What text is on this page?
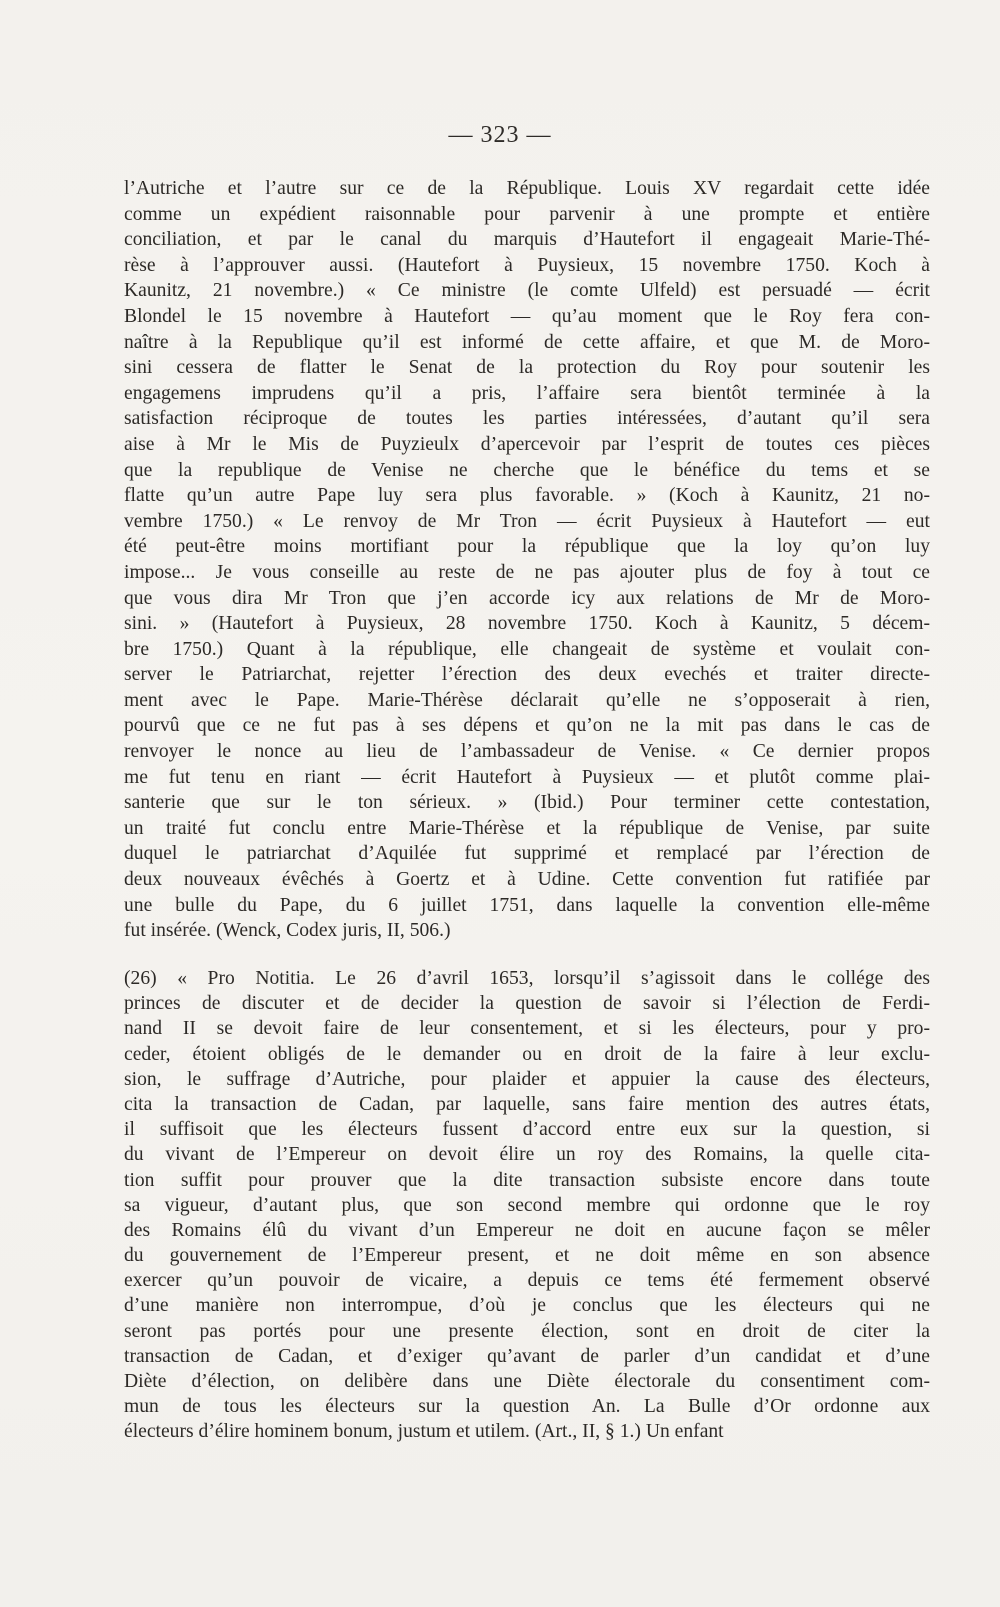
— 323 —
l’Autriche et l’autre sur ce de la République. Louis XV regardait cette idée
comme un expédient raisonnable pour parvenir à une prompte et entière
conciliation, et par le canal du marquis d’Hautefort il engageait Marie-Thé-
rèse à l’approuver aussi. (Hautefort à Puysieux, 15 novembre 1750. Koch à
Kaunitz, 21 novembre.) « Ce ministre (le comte Ulfeld) est persuadé — écrit
Blondel le 15 novembre à Hautefort — qu’au moment que le Roy fera con-
naître à la Republique qu’il est informé de cette affaire, et que M. de Moro-
sini cessera de flatter le Senat de la protection du Roy pour soutenir les
engagemens imprudens qu’il a pris, l’affaire sera bientôt terminée à la
satisfaction réciproque de toutes les parties intéressées, d’autant qu’il sera
aise à Mr le Mis de Puyzieulx d’apercevoir par l’esprit de toutes ces pièces
que la republique de Venise ne cherche que le bénéfice du tems et se
flatte qu’un autre Pape luy sera plus favorable. » (Koch à Kaunitz, 21 no-
vembre 1750.) « Le renvoy de Mr Tron — écrit Puysieux à Hautefort — eut
été peut-être moins mortifiant pour la république que la loy qu’on luy
impose... Je vous conseille au reste de ne pas ajouter plus de foy à tout ce
que vous dira Mr Tron que j’en accorde icy aux relations de Mr de Moro-
sini. » (Hautefort à Puysieux, 28 novembre 1750. Koch à Kaunitz, 5 décem-
bre 1750.) Quant à la république, elle changeait de système et voulait con-
server le Patriarchat, rejetter l’érection des deux evechés et traiter directe-
ment avec le Pape. Marie-Thérèse déclarait qu’elle ne s’opposerait à rien,
pourvû que ce ne fut pas à ses dépens et qu’on ne la mit pas dans le cas de
renvoyer le nonce au lieu de l’ambassadeur de Venise. « Ce dernier propos
me fut tenu en riant — écrit Hautefort à Puysieux — et plutôt comme plai-
santerie que sur le ton sérieux. » (Ibid.) Pour terminer cette contestation,
un traité fut conclu entre Marie-Thérèse et la république de Venise, par suite
duquel le patriarchat d’Aquilée fut supprimé et remplacé par l’érection de
deux nouveaux évêchés à Goertz et à Udine. Cette convention fut ratifiée par
une bulle du Pape, du 6 juillet 1751, dans laquelle la convention elle-même
fut insérée. (Wenck, Codex juris, II, 506.)
(26) « Pro Notitia. Le 26 d’avril 1653, lorsqu’il s’agissoit dans le collége des
princes de discuter et de decider la question de savoir si l’élection de Ferdi-
nand II se devoit faire de leur consentement, et si les électeurs, pour y pro-
ceder, étoient obligés de le demander ou en droit de la faire à leur exclu-
sion, le suffrage d’Autriche, pour plaider et appuier la cause des électeurs,
cita la transaction de Cadan, par laquelle, sans faire mention des autres états,
il suffisoit que les électeurs fussent d’accord entre eux sur la question, si
du vivant de l’Empereur on devoit élire un roy des Romains, la quelle cita-
tion suffit pour prouver que la dite transaction subsiste encore dans toute
sa vigueur, d’autant plus, que son second membre qui ordonne que le roy
des Romains élû du vivant d’un Empereur ne doit en aucune façon se mêler
du gouvernement de l’Empereur present, et ne doit même en son absence
exercer qu’un pouvoir de vicaire, a depuis ce tems été fermement observé
d’une manière non interrompue, d’où je conclus que les électeurs qui ne
seront pas portés pour une presente élection, sont en droit de citer la
transaction de Cadan, et d’exiger qu’avant de parler d’un candidat et d’une
Diète d’élection, on delibère dans une Diète électorale du consentiment com-
mun de tous les électeurs sur la question An. La Bulle d’Or ordonne aux
électeurs d’élire hominem bonum, justum et utilem. (Art., II, § 1.) Un enfant
